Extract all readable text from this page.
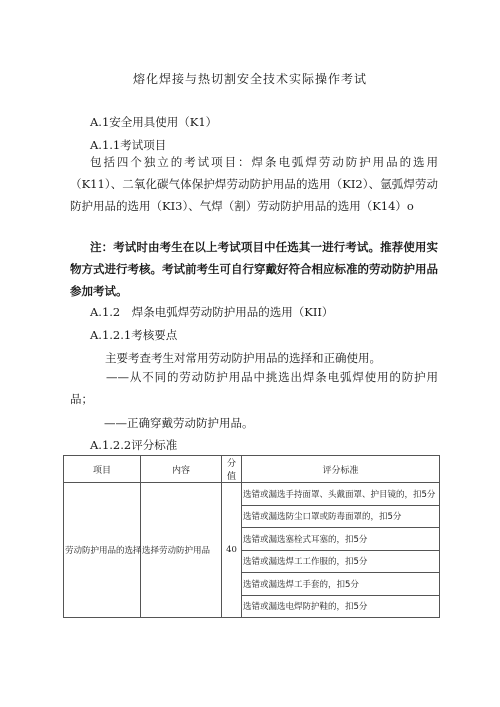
熔化焊接与热切割安全技术实际操作考试
A.1安全用具使用（K1）
A.1.1考试项目
包括四个独立的考试项目：焊条电弧焊劳动防护用品的选用（K11）、二氧化碳气体保护焊劳动防护用品的选用（KI2）、氩弧焊劳动防护用品的选用（KI3）、气焊（割）劳动防护用品的选用（K14）o
注：考试时由考生在以上考试项目中任选其一进行考试。推荐使用实物方式进行考核。考试前考生可自行穿戴好符合相应标准的劳动防护用品参加考试。
A.1.2　焊条电弧焊劳动防护用品的选用（KII）
A.1.2.1考核要点
主要考查考生对常用劳动防护用品的选择和正确使用。
——从不同的劳动防护用品中挑选出焊条电弧焊使用的防护用品；
——正确穿戴劳动防护用品。
A.1.2.2评分标准
项目	内容	分值	评分标准
劳动防护用品的选择	选择劳动防护用品	40	选错或漏选手持面罩、头戴面罩、护目镜的，扣5分
			选错或漏选防尘口罩或防毒面罩的，扣5分
			选错或漏选塞栓式耳塞的，扣5分
			选错或漏选焊工工作服的，扣5分
			选错或漏选焊工手套的，扣5分
			选错或漏选电焊防护鞋的，扣5分
